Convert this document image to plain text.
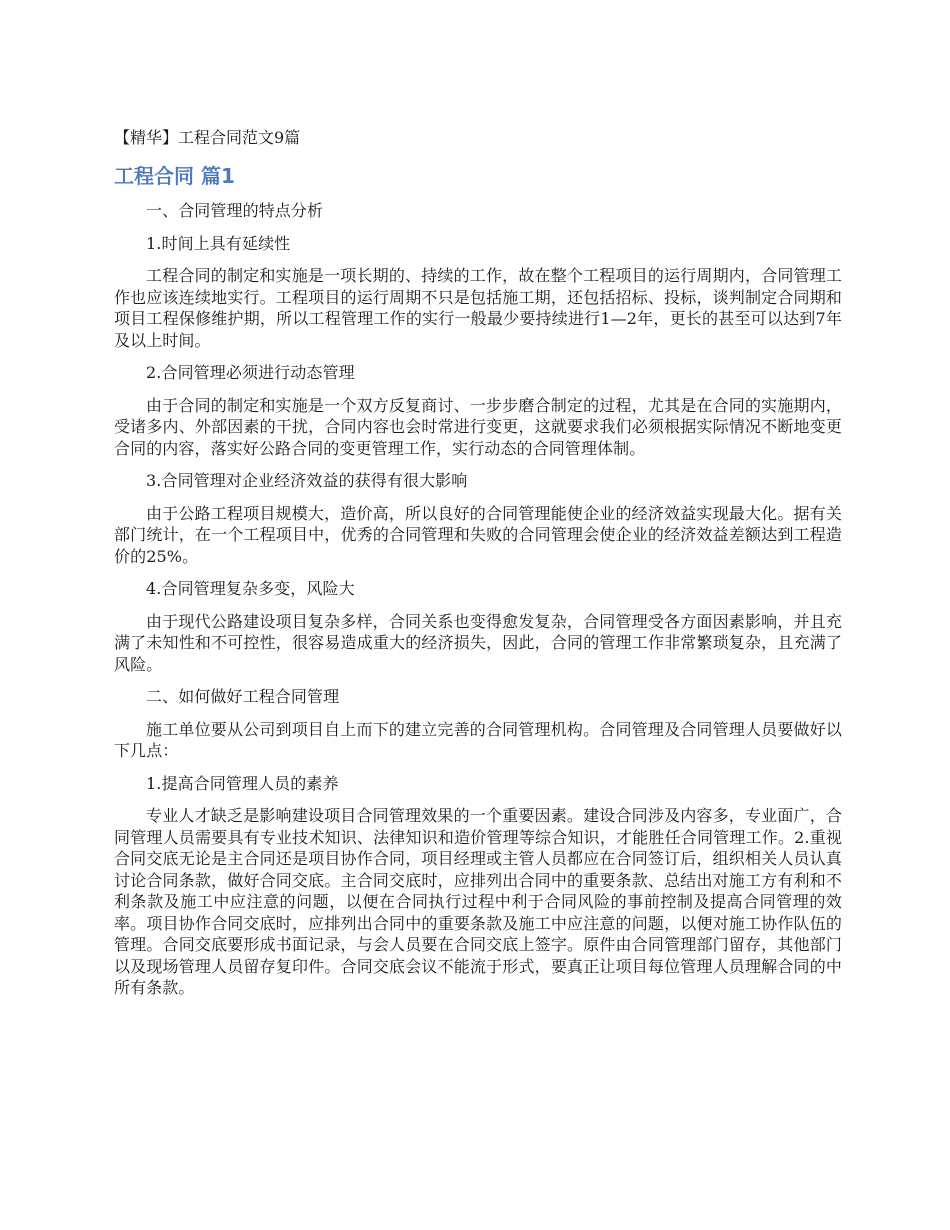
【精华】工程合同范文9篇
工程合同 篇1

一、合同管理的特点分析

1.时间上具有延续性

工程合同的制定和实施是一项长期的、持续的工作，故在整个工程项目的运行周期内，合同管理工作也应该连续地实行。工程项目的运行周期不只是包括施工期，还包括招标、投标，谈判制定合同期和项目工程保修维护期，所以工程管理工作的实行一般最少要持续进行1—2年，更长的甚至可以达到7年及以上时间。

2.合同管理必须进行动态管理

由于合同的制定和实施是一个双方反复商讨、一步步磨合制定的过程，尤其是在合同的实施期内，受诸多内、外部因素的干扰，合同内容也会时常进行变更，这就要求我们必须根据实际情况不断地变更合同的内容，落实好公路合同的变更管理工作，实行动态的合同管理体制。

3.合同管理对企业经济效益的获得有很大影响

由于公路工程项目规模大，造价高，所以良好的合同管理能使企业的经济效益实现最大化。据有关部门统计，在一个工程项目中，优秀的合同管理和失败的合同管理会使企业的经济效益差额达到工程造价的25%。

4.合同管理复杂多变，风险大

由于现代公路建设项目复杂多样，合同关系也变得愈发复杂，合同管理受各方面因素影响，并且充满了未知性和不可控性，很容易造成重大的经济损失，因此，合同的管理工作非常繁琐复杂，且充满了风险。

二、如何做好工程合同管理

施工单位要从公司到项目自上而下的建立完善的合同管理机构。合同管理及合同管理人员要做好以下几点：

1.提高合同管理人员的素养

专业人才缺乏是影响建设项目合同管理效果的一个重要因素。建设合同涉及内容多，专业面广，合同管理人员需要具有专业技术知识、法律知识和造价管理等综合知识，才能胜任合同管理工作。2.重视合同交底无论是主合同还是项目协作合同，项目经理或主管人员都应在合同签订后，组织相关人员认真讨论合同条款，做好合同交底。主合同交底时，应排列出合同中的重要条款、总结出对施工方有利和不利条款及施工中应注意的问题，以便在合同执行过程中利于合同风险的事前控制及提高合同管理的效率。项目协作合同交底时，应排列出合同中的重要条款及施工中应注意的问题，以便对施工协作队伍的管理。合同交底要形成书面记录，与会人员要在合同交底上签字。原件由合同管理部门留存，其他部门以及现场管理人员留存复印件。合同交底会议不能流于形式，要真正让项目每位管理人员理解合同的中所有条款。
